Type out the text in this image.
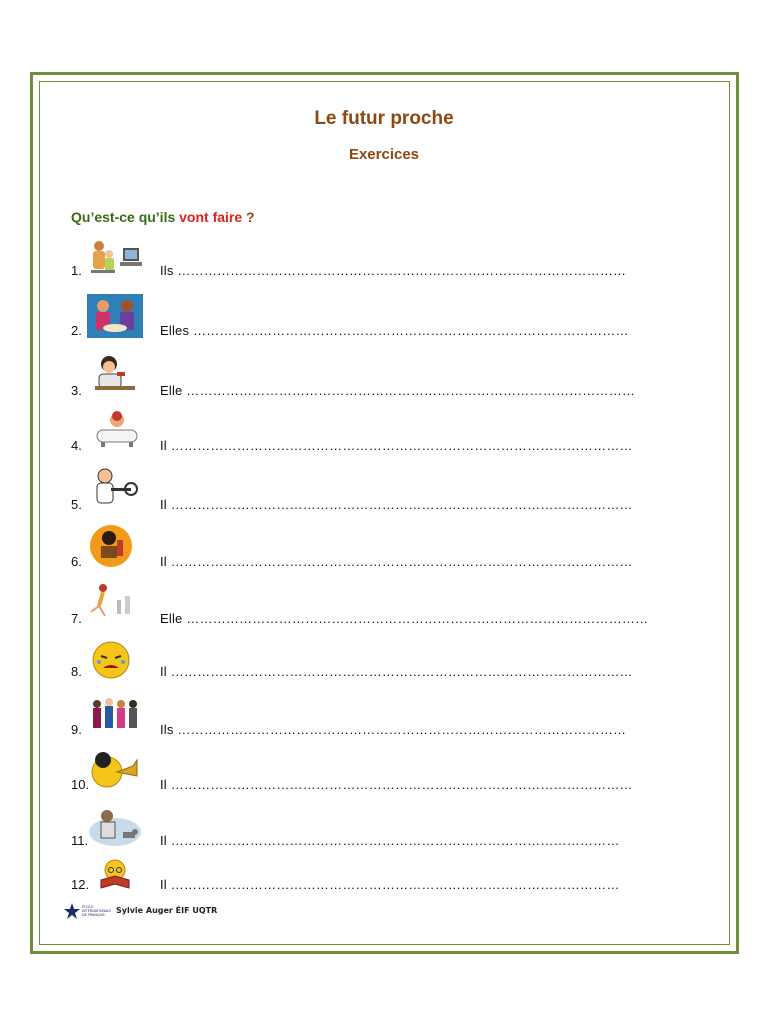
Le futur proche
Exercices
Qu’est-ce qu’ils vont faire ?
1.	Ils …………………………………………………………………………………………
2.	Elles ………………………………………………………………………………………
3.	Elle …………………………………………………………………………………………
4.	Il ……………………………………………………………………………………………
5.	Il ……………………………………………………………………………………………
6.	Il ……………………………………………………………………………………………
7.	Elle ……………………………………………………………………………………………
8.	Il ……………………………………………………………………………………………
9.	Ils …………………………………………………………………………………………
10.	Il ……………………………………………………………………………………………
11.	Il …………………………………………………………………………………………
12.	Il …………………………………………………………………………………………
ÉCOLE
INTERNATIONALE
DE FRANÇAIS Sylvie Auger ÉIF UQTR
